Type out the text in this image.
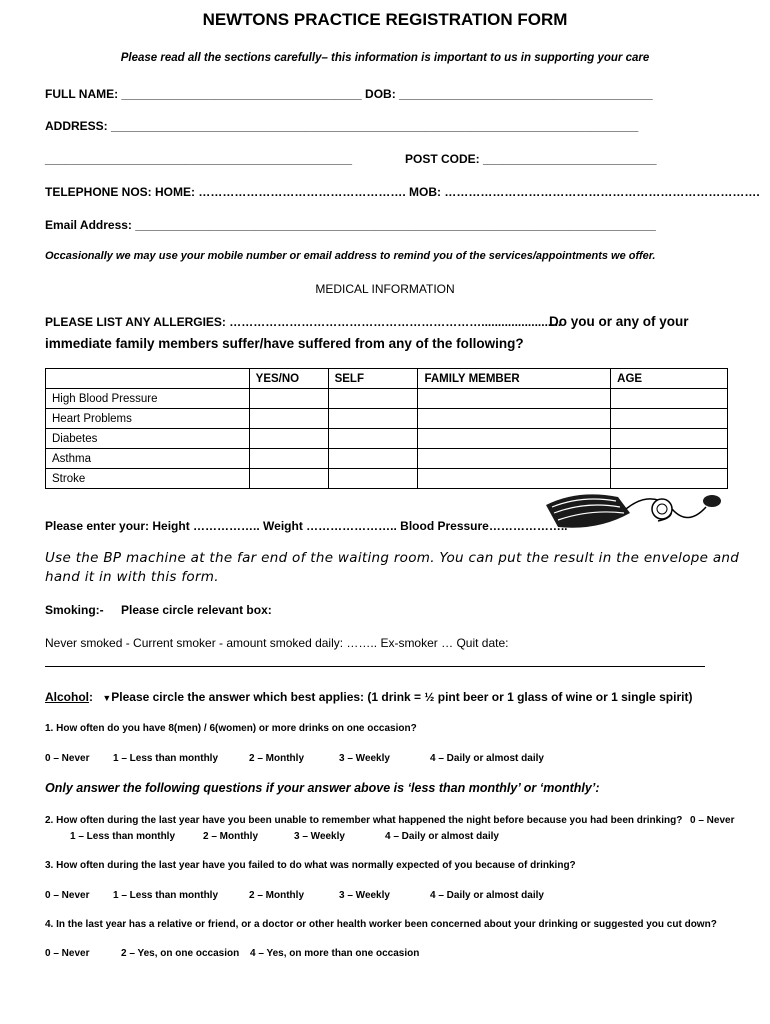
NEWTONS PRACTICE REGISTRATION FORM
Please read all the sections carefully– this information is important to us in supporting your care
FULL NAME: ____________________________________ DOB: ______________________________________
ADDRESS: _______________________________________________________________________________
______________________________________________	POST CODE: __________________________
TELEPHONE NOS: HOME: ……………………………………………. MOB: …………………………………………………………………….
Email Address: ______________________________________________________________________________
Occasionally we may use your mobile number or email address to remind you of the services/appointments we offer.
MEDICAL INFORMATION
PLEASE LIST ANY ALLERGIES: ………………………………………………………........................
Do you or any of your
immediate family members suffer/have suffered from any of the following?
	YES/NO	SELF	FAMILY MEMBER	AGE
High Blood Pressure				
Heart Problems				
Diabetes				
Asthma				
Stroke				
Please enter your: Height …………….. Weight ………………….. Blood Pressure………………..
Use the BP machine at the far end of the waiting room. You can put the result in the envelope and hand it in with this form.
Smoking:- Please circle relevant box:
Never smoked - Current smoker - amount smoked daily: …….. Ex-smoker … Quit date:
Alcohol: ▼Please circle the answer which best applies: (1 drink = ½ pint beer or 1 glass of wine or 1 single spirit)
1. How often do you have 8(men) / 6(women) or more drinks on one occasion?
0 – Never 1 – Less than monthly	2 – Monthly	3 – Weekly	4 – Daily or almost daily
Only answer the following questions if your answer above is ‘less than monthly’ or ‘monthly’:
2. How often during the last year have you been unable to remember what happened the night before because you had been drinking? 0 – Never
1 – Less than monthly	2 – Monthly	3 – Weekly	4 – Daily or almost daily
3. How often during the last year have you failed to do what was normally expected of you because of drinking?
0 – Never 1 – Less than monthly	2 – Monthly	3 – Weekly	4 – Daily or almost daily
4. In the last year has a relative or friend, or a doctor or other health worker been concerned about your drinking or suggested you cut down?
0 – Never	2 – Yes, on one occasion 4 – Yes, on more than one occasion
